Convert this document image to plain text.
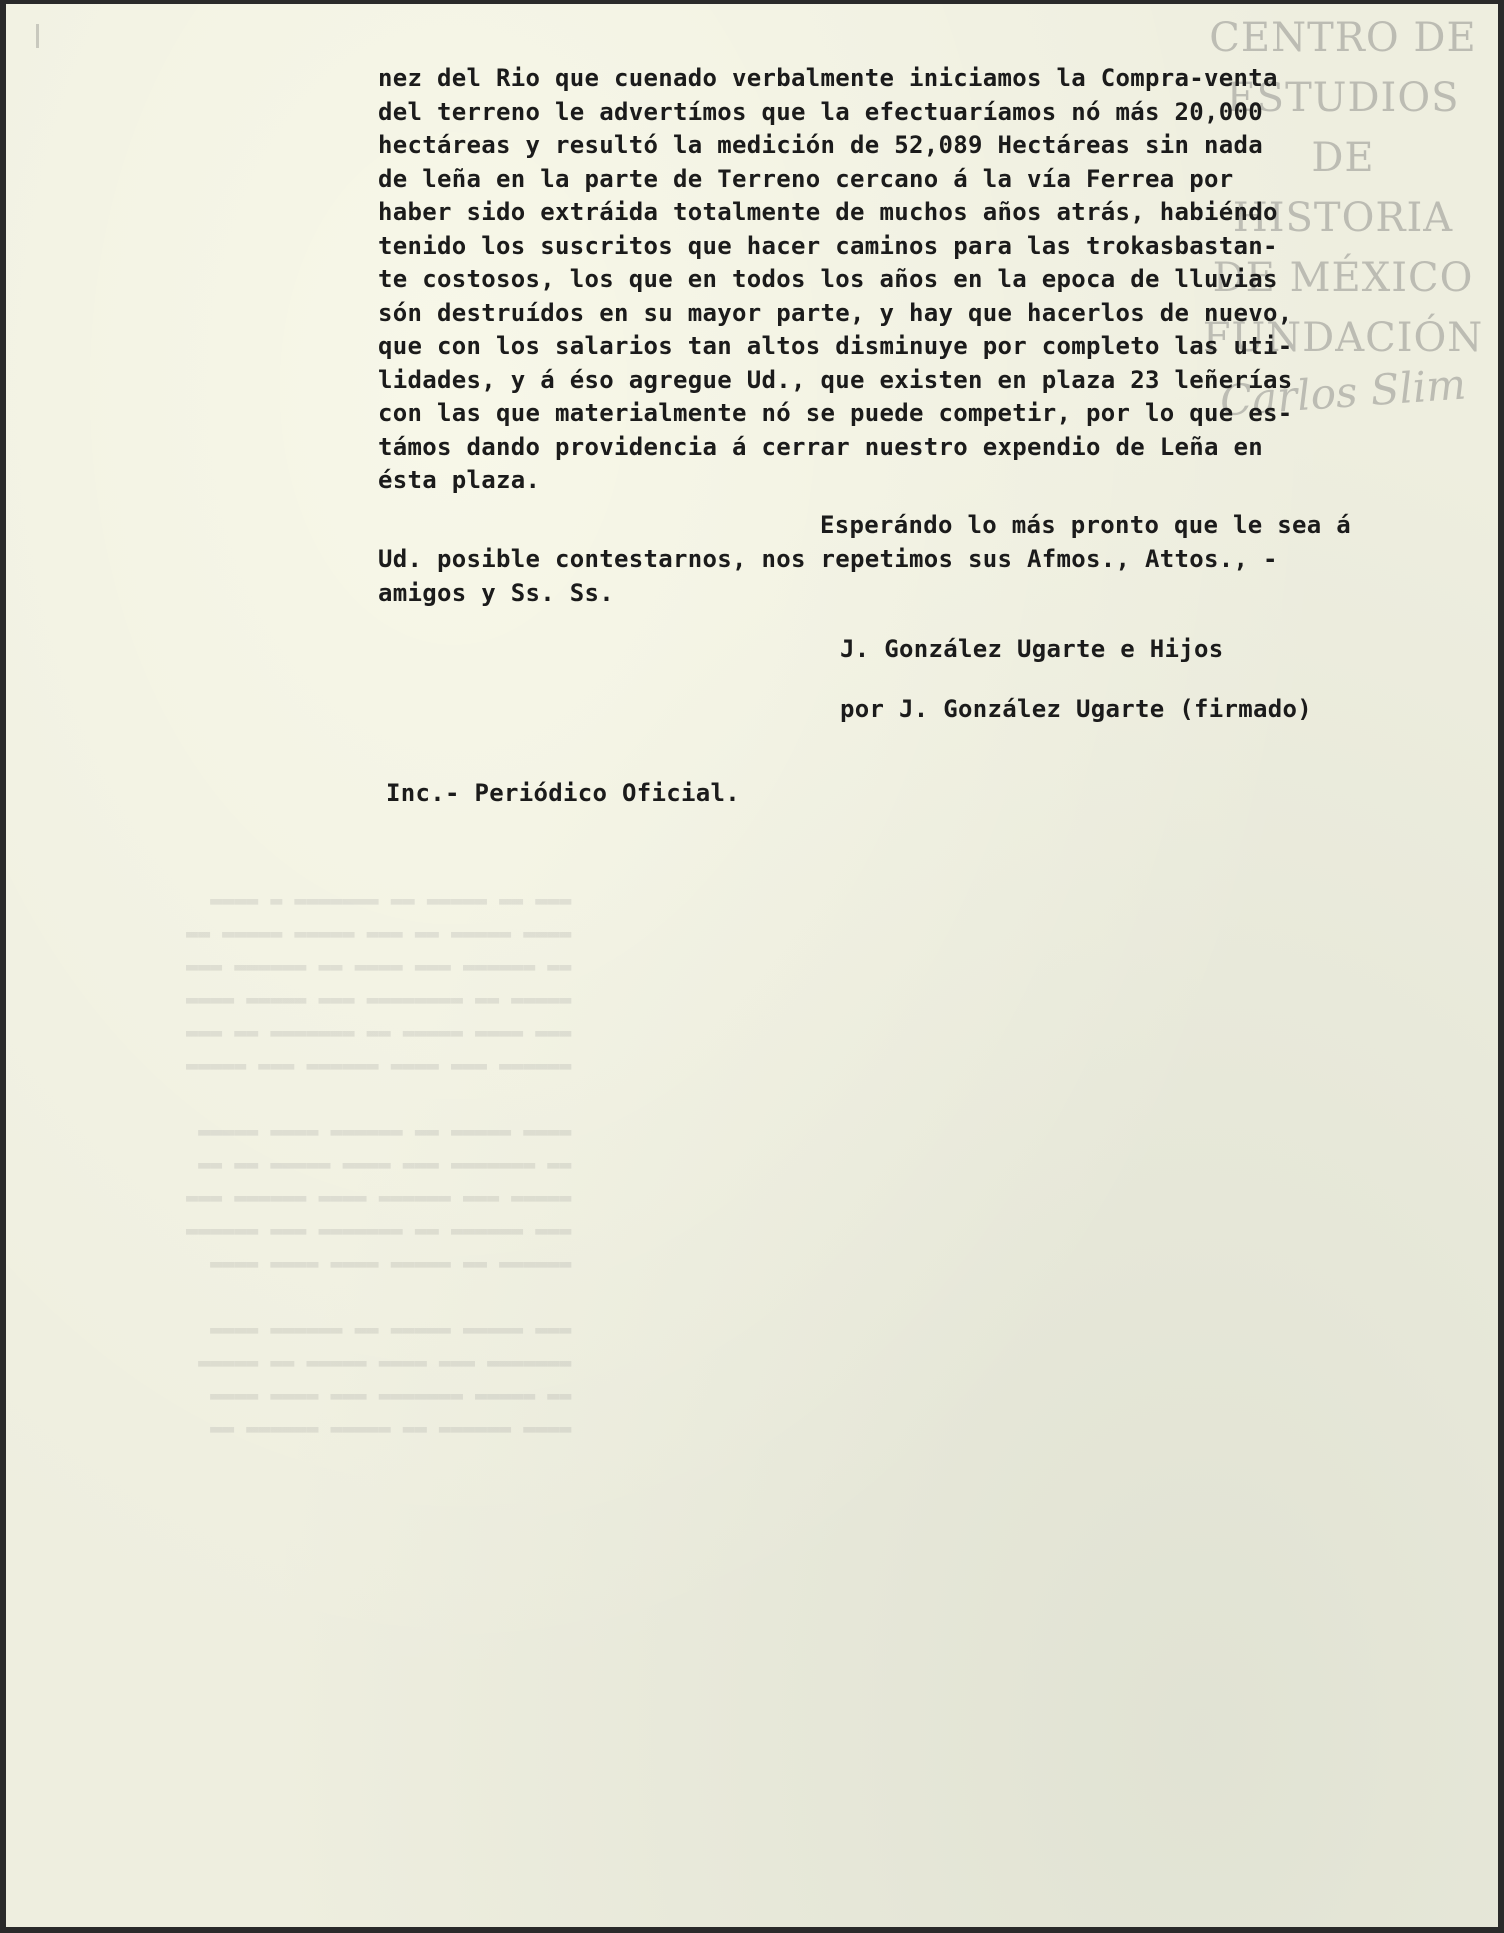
▬▬▬ ▬▬ ▬▬▬▬▬ ▬▬ ▬▬▬▬▬▬▬ ▬ ▬▬▬▬
▬▬▬▬ ▬▬▬▬▬ ▬▬ ▬▬▬ ▬▬▬▬▬ ▬▬▬▬▬ ▬▬
▬▬ ▬▬▬▬▬▬ ▬▬▬ ▬▬▬▬ ▬▬ ▬▬▬▬▬▬ ▬▬▬
▬▬▬▬▬ ▬▬ ▬▬▬▬▬▬▬▬ ▬▬▬ ▬▬▬▬▬ ▬▬▬▬
▬▬▬ ▬▬▬▬ ▬▬▬▬▬ ▬▬ ▬▬▬▬▬▬▬ ▬▬ ▬▬▬
▬▬▬▬▬▬ ▬▬▬ ▬▬▬▬ ▬▬▬▬▬▬ ▬▬▬ ▬▬▬▬▬

▬▬▬▬ ▬▬▬▬▬ ▬▬ ▬▬▬▬▬▬ ▬▬▬▬ ▬▬▬▬▬
▬▬ ▬▬▬▬▬▬▬ ▬▬▬ ▬▬▬▬ ▬▬▬▬▬ ▬▬ ▬▬
▬▬▬▬▬ ▬▬▬ ▬▬▬▬▬▬ ▬▬▬▬ ▬▬▬▬▬▬ ▬▬▬
▬▬▬ ▬▬▬▬▬▬ ▬▬ ▬▬▬▬▬▬▬ ▬▬▬ ▬▬▬▬▬▬
▬▬▬▬▬▬ ▬▬ ▬▬▬▬▬ ▬▬▬▬ ▬▬▬▬ ▬▬▬▬

▬▬▬ ▬▬▬▬▬ ▬▬▬▬▬ ▬▬ ▬▬▬▬▬▬ ▬▬▬▬
▬▬▬▬▬▬▬ ▬▬▬ ▬▬▬▬ ▬▬▬▬▬ ▬▬ ▬▬▬▬▬
▬▬ ▬▬▬▬▬ ▬▬▬▬▬▬▬ ▬▬▬ ▬▬▬▬ ▬▬▬▬
▬▬▬▬ ▬▬▬▬▬▬ ▬▬ ▬▬▬▬▬ ▬▬▬▬▬▬ ▬▬
CENTRO DE
ESTUDIOS
DE HISTORIA
DE MÉXICO
FUNDACIÓN
Carlos Slim

nez del Rio que cuenado verbalmente iniciamos la Compra-venta

del terreno le advertímos que la efectuaríamos nó más 20,000

hectáreas y resultó la medición de 52,089 Hectáreas sin nada

de leña en la parte de Terreno cercano á la vía Ferrea por

haber sido extráida totalmente de muchos años atrás, habiéndo

tenido los suscritos que hacer caminos para las trokasbastan-

te costosos, los que en todos los años en la epoca de lluvias

són destruídos en su mayor parte, y hay que hacerlos de nuevo,

que con los salarios tan altos disminuye por completo las uti-

lidades, y á éso agregue Ud., que existen en plaza 23 leñerías

con las que materialmente nó se puede competir, por lo que es-

támos dando providencia á cerrar nuestro expendio de Leña en

ésta plaza.

Esperándo lo más pronto que le sea á

Ud. posible contestarnos, nos repetimos sus Afmos., Attos., -

amigos y Ss. Ss.

J. González Ugarte e Hijos
por J. González Ugarte (firmado)
Inc.- Periódico Oficial.
